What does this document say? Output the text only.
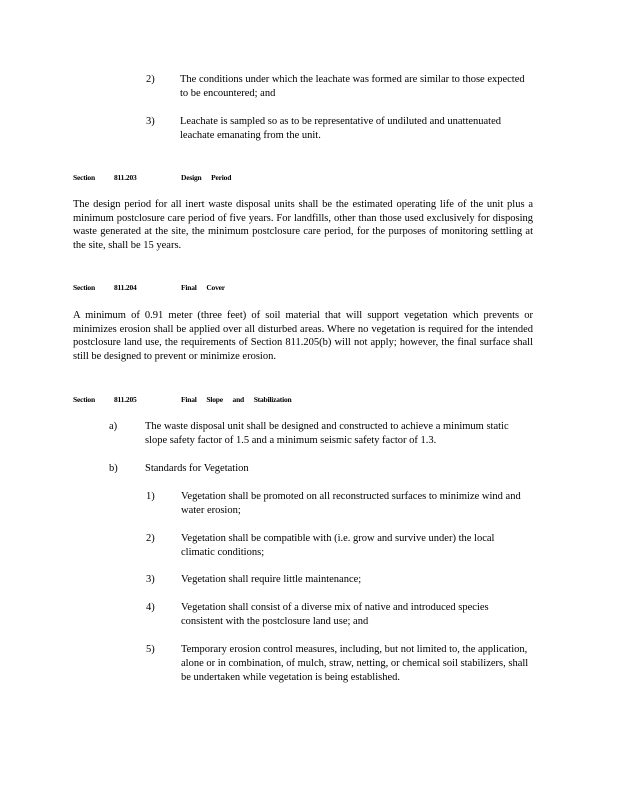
2) The conditions under which the leachate was formed are similar to those expected to be encountered; and
3) Leachate is sampled so as to be representative of undiluted and unattenuated leachate emanating from the unit.
Section	811.203	Design Period
The design period for all inert waste disposal units shall be the estimated operating life of the unit plus a minimum postclosure care period of five years. For landfills, other than those used exclusively for disposing waste generated at the site, the minimum postclosure care period, for the purposes of monitoring settling at the site, shall be 15 years.
Section	811.204	Final Cover
A minimum of 0.91 meter (three feet) of soil material that will support vegetation which prevents or minimizes erosion shall be applied over all disturbed areas. Where no vegetation is required for the intended postclosure land use, the requirements of Section 811.205(b) will not apply; however, the final surface shall still be designed to prevent or minimize erosion.
Section	811.205	Final Slope and Stabilization
a)	The waste disposal unit shall be designed and constructed to achieve a minimum static slope safety factor of 1.5 and a minimum seismic safety factor of 1.3.
b)	Standards for Vegetation
1)	Vegetation shall be promoted on all reconstructed surfaces to minimize wind and water erosion;
2)	Vegetation shall be compatible with (i.e. grow and survive under) the local climatic conditions;
3)	Vegetation shall require little maintenance;
4)	Vegetation shall consist of a diverse mix of native and introduced species consistent with the postclosure land use; and
5)	Temporary erosion control measures, including, but not limited to, the application, alone or in combination, of mulch, straw, netting, or chemical soil stabilizers, shall be undertaken while vegetation is being established.
